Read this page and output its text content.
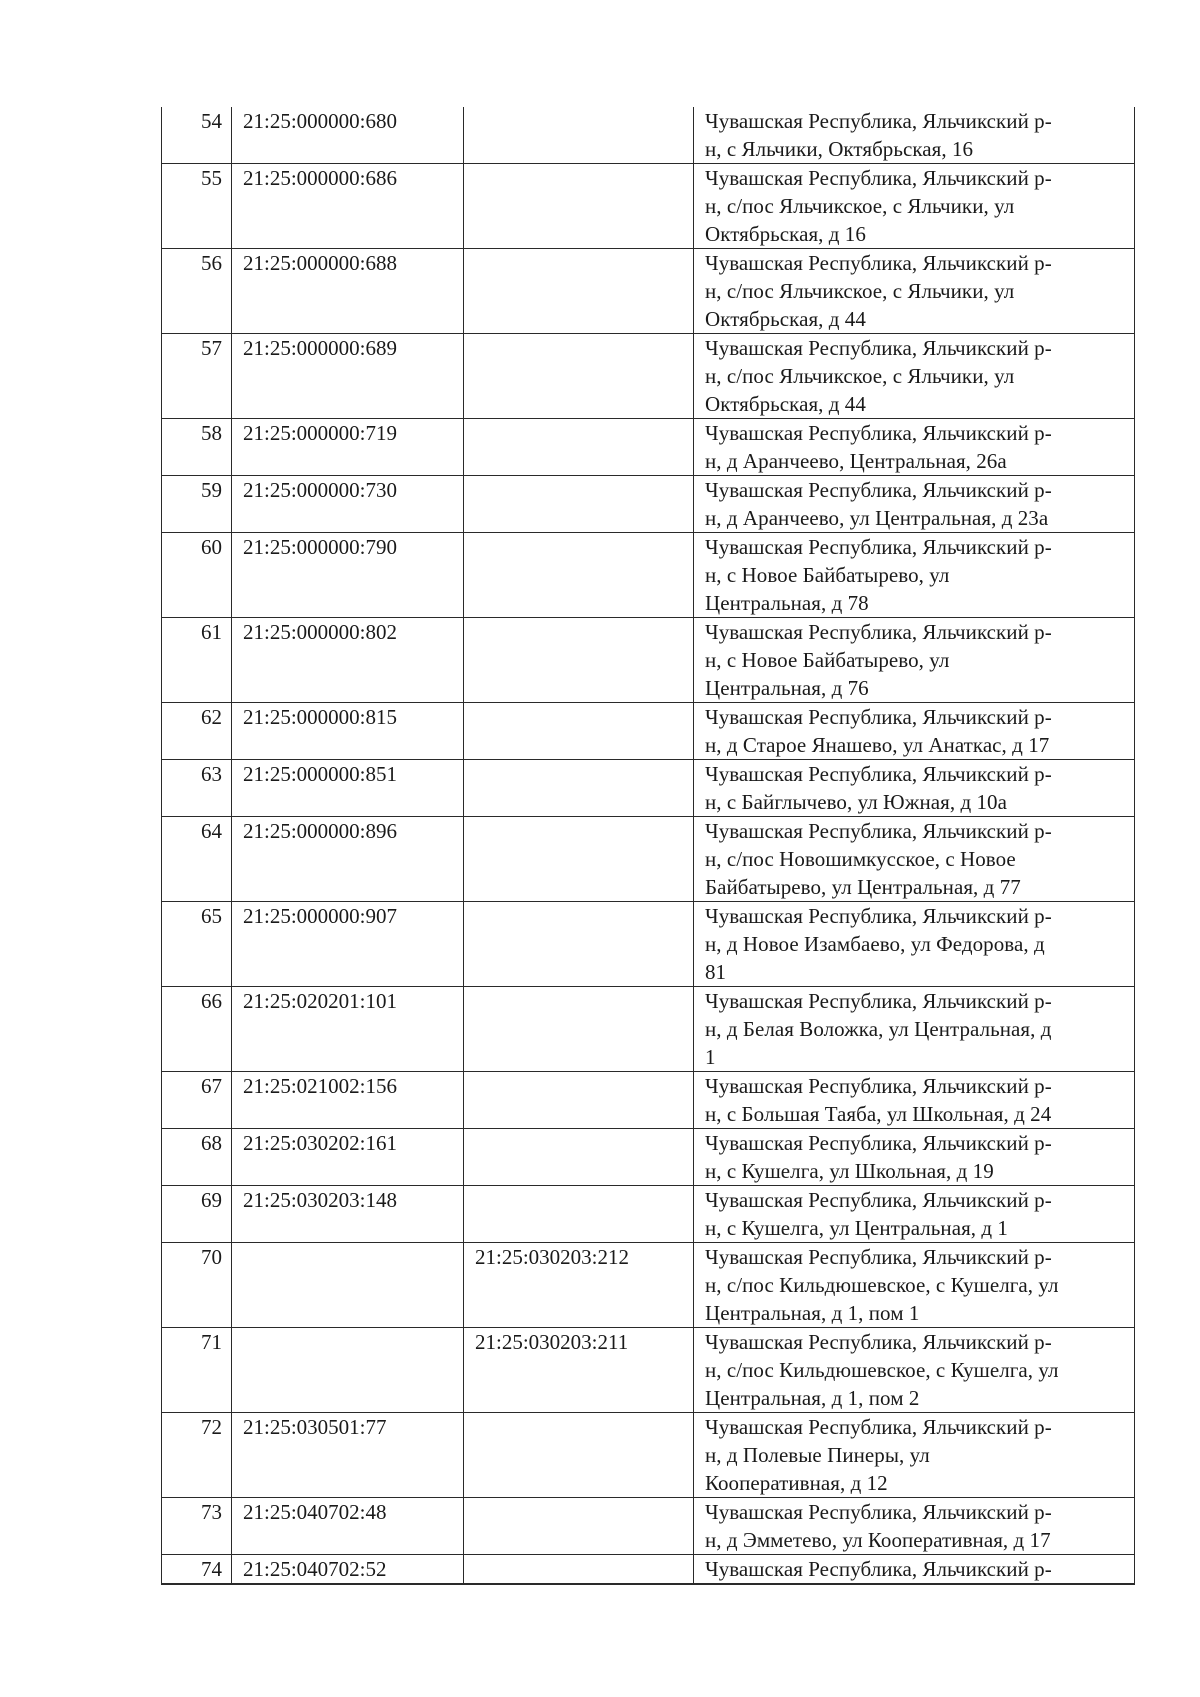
54	21:25:000000:680		Чувашская Республика, Яльчикский р-
н, с Яльчики, Октябрьская, 16

55	21:25:000000:686		Чувашская Республика, Яльчикский р-
н, с/пос Яльчикское, с Яльчики, ул
Октябрьская, д 16

56	21:25:000000:688		Чувашская Республика, Яльчикский р-
н, с/пос Яльчикское, с Яльчики, ул
Октябрьская, д 44

57	21:25:000000:689		Чувашская Республика, Яльчикский р-
н, с/пос Яльчикское, с Яльчики, ул
Октябрьская, д 44

58	21:25:000000:719		Чувашская Республика, Яльчикский р-
н, д Аранчеево, Центральная, 26а

59	21:25:000000:730		Чувашская Республика, Яльчикский р-
н, д Аранчеево, ул Центральная, д 23а

60	21:25:000000:790		Чувашская Республика, Яльчикский р-
н, с Новое Байбатырево, ул
Центральная, д 78

61	21:25:000000:802		Чувашская Республика, Яльчикский р-
н, с Новое Байбатырево, ул
Центральная, д 76

62	21:25:000000:815		Чувашская Республика, Яльчикский р-
н, д Старое Янашево, ул Анаткас, д 17

63	21:25:000000:851		Чувашская Республика, Яльчикский р-
н, с Байглычево, ул Южная, д 10а

64	21:25:000000:896		Чувашская Республика, Яльчикский р-
н, с/пос Новошимкусское, с Новое
Байбатырево, ул Центральная, д 77

65	21:25:000000:907		Чувашская Республика, Яльчикский р-
н, д Новое Изамбаево, ул Федорова, д
81

66	21:25:020201:101		Чувашская Республика, Яльчикский р-
н, д Белая Воложка, ул Центральная, д
1

67	21:25:021002:156		Чувашская Республика, Яльчикский р-
н, с Большая Таяба, ул Школьная, д 24

68	21:25:030202:161		Чувашская Республика, Яльчикский р-
н, с Кушелга, ул Школьная, д 19

69	21:25:030203:148		Чувашская Республика, Яльчикский р-
н, с Кушелга, ул Центральная, д 1

70		21:25:030203:212	Чувашская Республика, Яльчикский р-
н, с/пос Кильдюшевское, с Кушелга, ул
Центральная, д 1, пом 1

71		21:25:030203:211	Чувашская Республика, Яльчикский р-
н, с/пос Кильдюшевское, с Кушелга, ул
Центральная, д 1, пом 2

72	21:25:030501:77		Чувашская Республика, Яльчикский р-
н, д Полевые Пинеры, ул
Кооперативная, д 12

73	21:25:040702:48		Чувашская Республика, Яльчикский р-
н, д Эмметево, ул Кооперативная, д 17

74	21:25:040702:52		Чувашская Республика, Яльчикский р-
